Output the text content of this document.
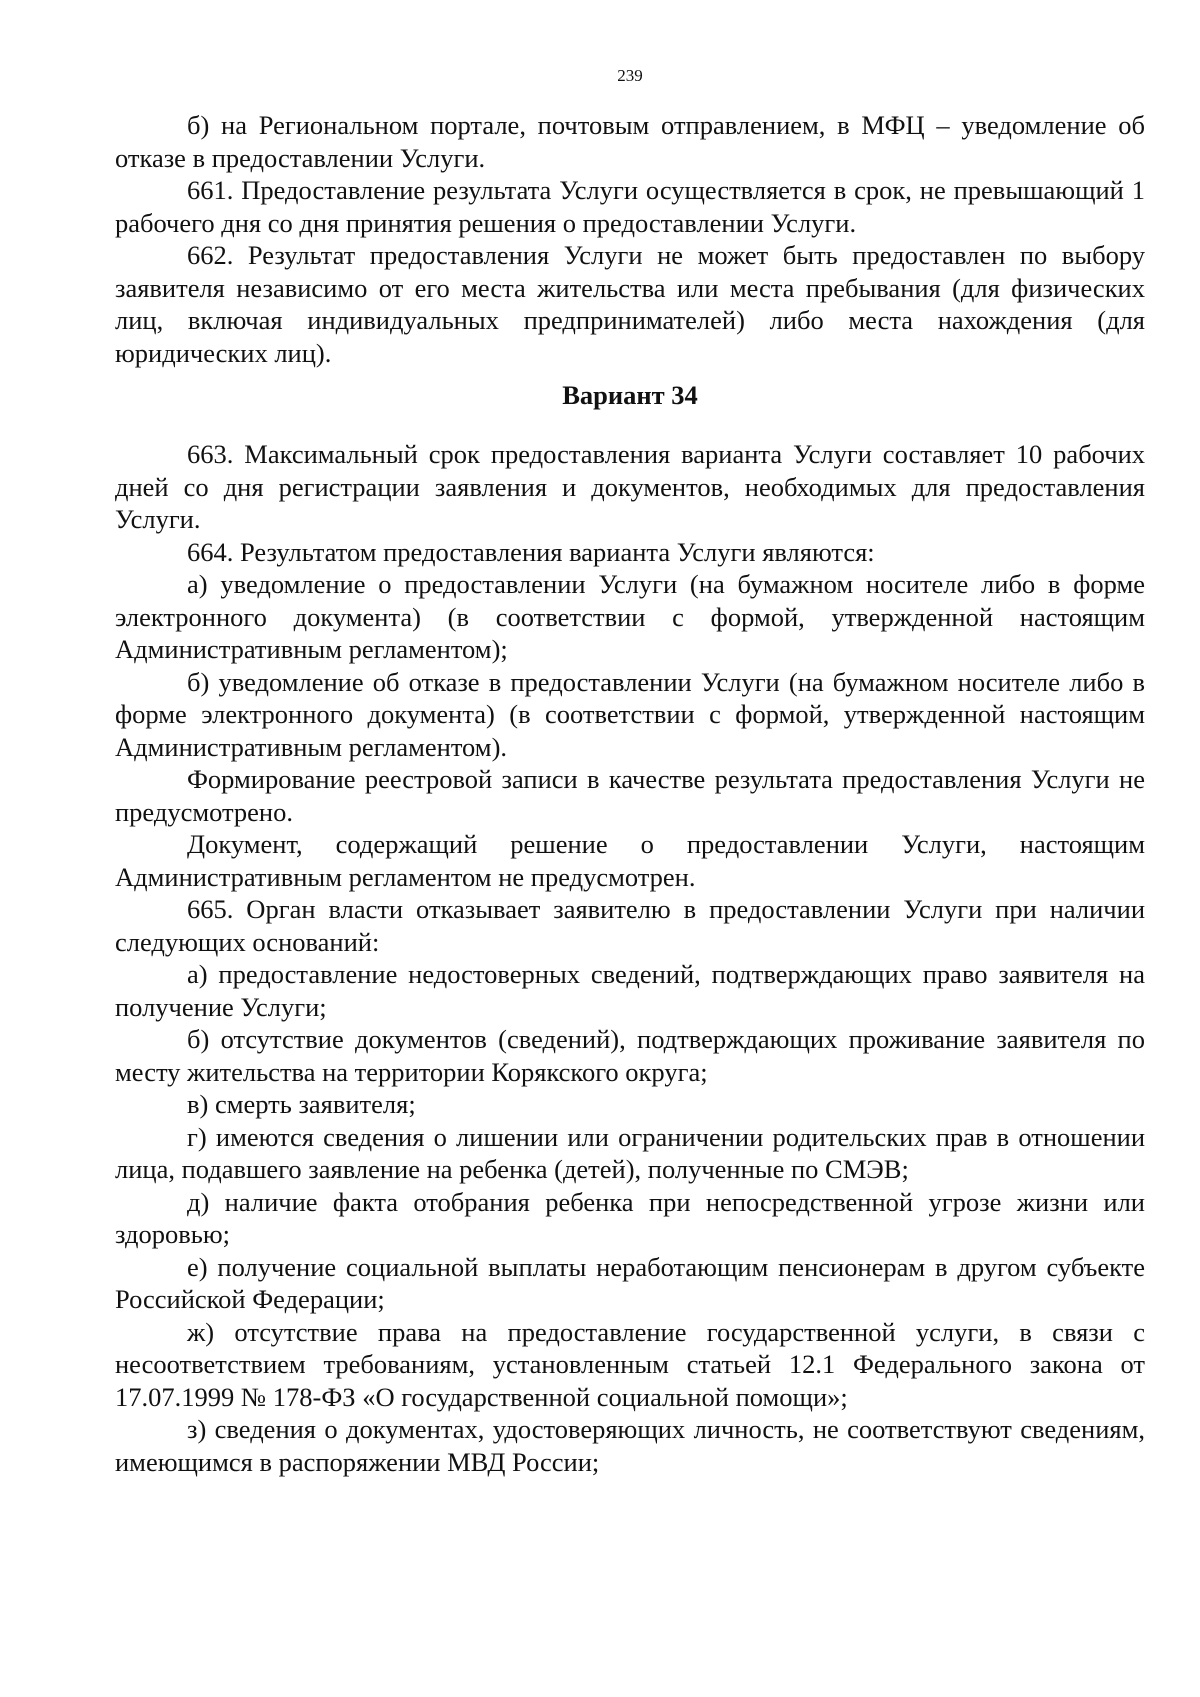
239

б) на Региональном портале, почтовым отправлением, в МФЦ – уведомление об отказе в предоставлении Услуги.

661. Предоставление результата Услуги осуществляется в срок, не превышающий 1 рабочего дня со дня принятия решения о предоставлении Услуги.

662. Результат предоставления Услуги не может быть предоставлен по выбору заявителя независимо от его места жительства или места пребывания (для физических лиц, включая индивидуальных предпринимателей) либо места нахождения (для юридических лиц).

Вариант 34

663. Максимальный срок предоставления варианта Услуги составляет 10 рабочих дней со дня регистрации заявления и документов, необходимых для предоставления Услуги.

664. Результатом предоставления варианта Услуги являются:

а) уведомление о предоставлении Услуги (на бумажном носителе либо в форме электронного документа) (в соответствии с формой, утвержденной настоящим Административным регламентом);

б) уведомление об отказе в предоставлении Услуги (на бумажном носителе либо в форме электронного документа) (в соответствии с формой, утвержденной настоящим Административным регламентом).

Формирование реестровой записи в качестве результата предоставления Услуги не предусмотрено.

Документ, содержащий решение о предоставлении Услуги, настоящим Административным регламентом не предусмотрен.

665. Орган власти отказывает заявителю в предоставлении Услуги при наличии следующих оснований:

а) предоставление недостоверных сведений, подтверждающих право заявителя на получение Услуги;

б) отсутствие документов (сведений), подтверждающих проживание заявителя по месту жительства на территории Корякского округа;

в) смерть заявителя;

г) имеются сведения о лишении или ограничении родительских прав в отношении лица, подавшего заявление на ребенка (детей), полученные по СМЭВ;

д) наличие факта отобрания ребенка при непосредственной угрозе жизни или здоровью;

е) получение социальной выплаты неработающим пенсионерам в другом субъекте Российской Федерации;

ж) отсутствие права на предоставление государственной услуги, в связи с несоответствием требованиям, установленным статьей 12.1 Федерального закона от 17.07.1999 № 178-ФЗ «О государственной социальной помощи»;

з) сведения о документах, удостоверяющих личность, не соответствуют сведениям, имеющимся в распоряжении МВД России;
